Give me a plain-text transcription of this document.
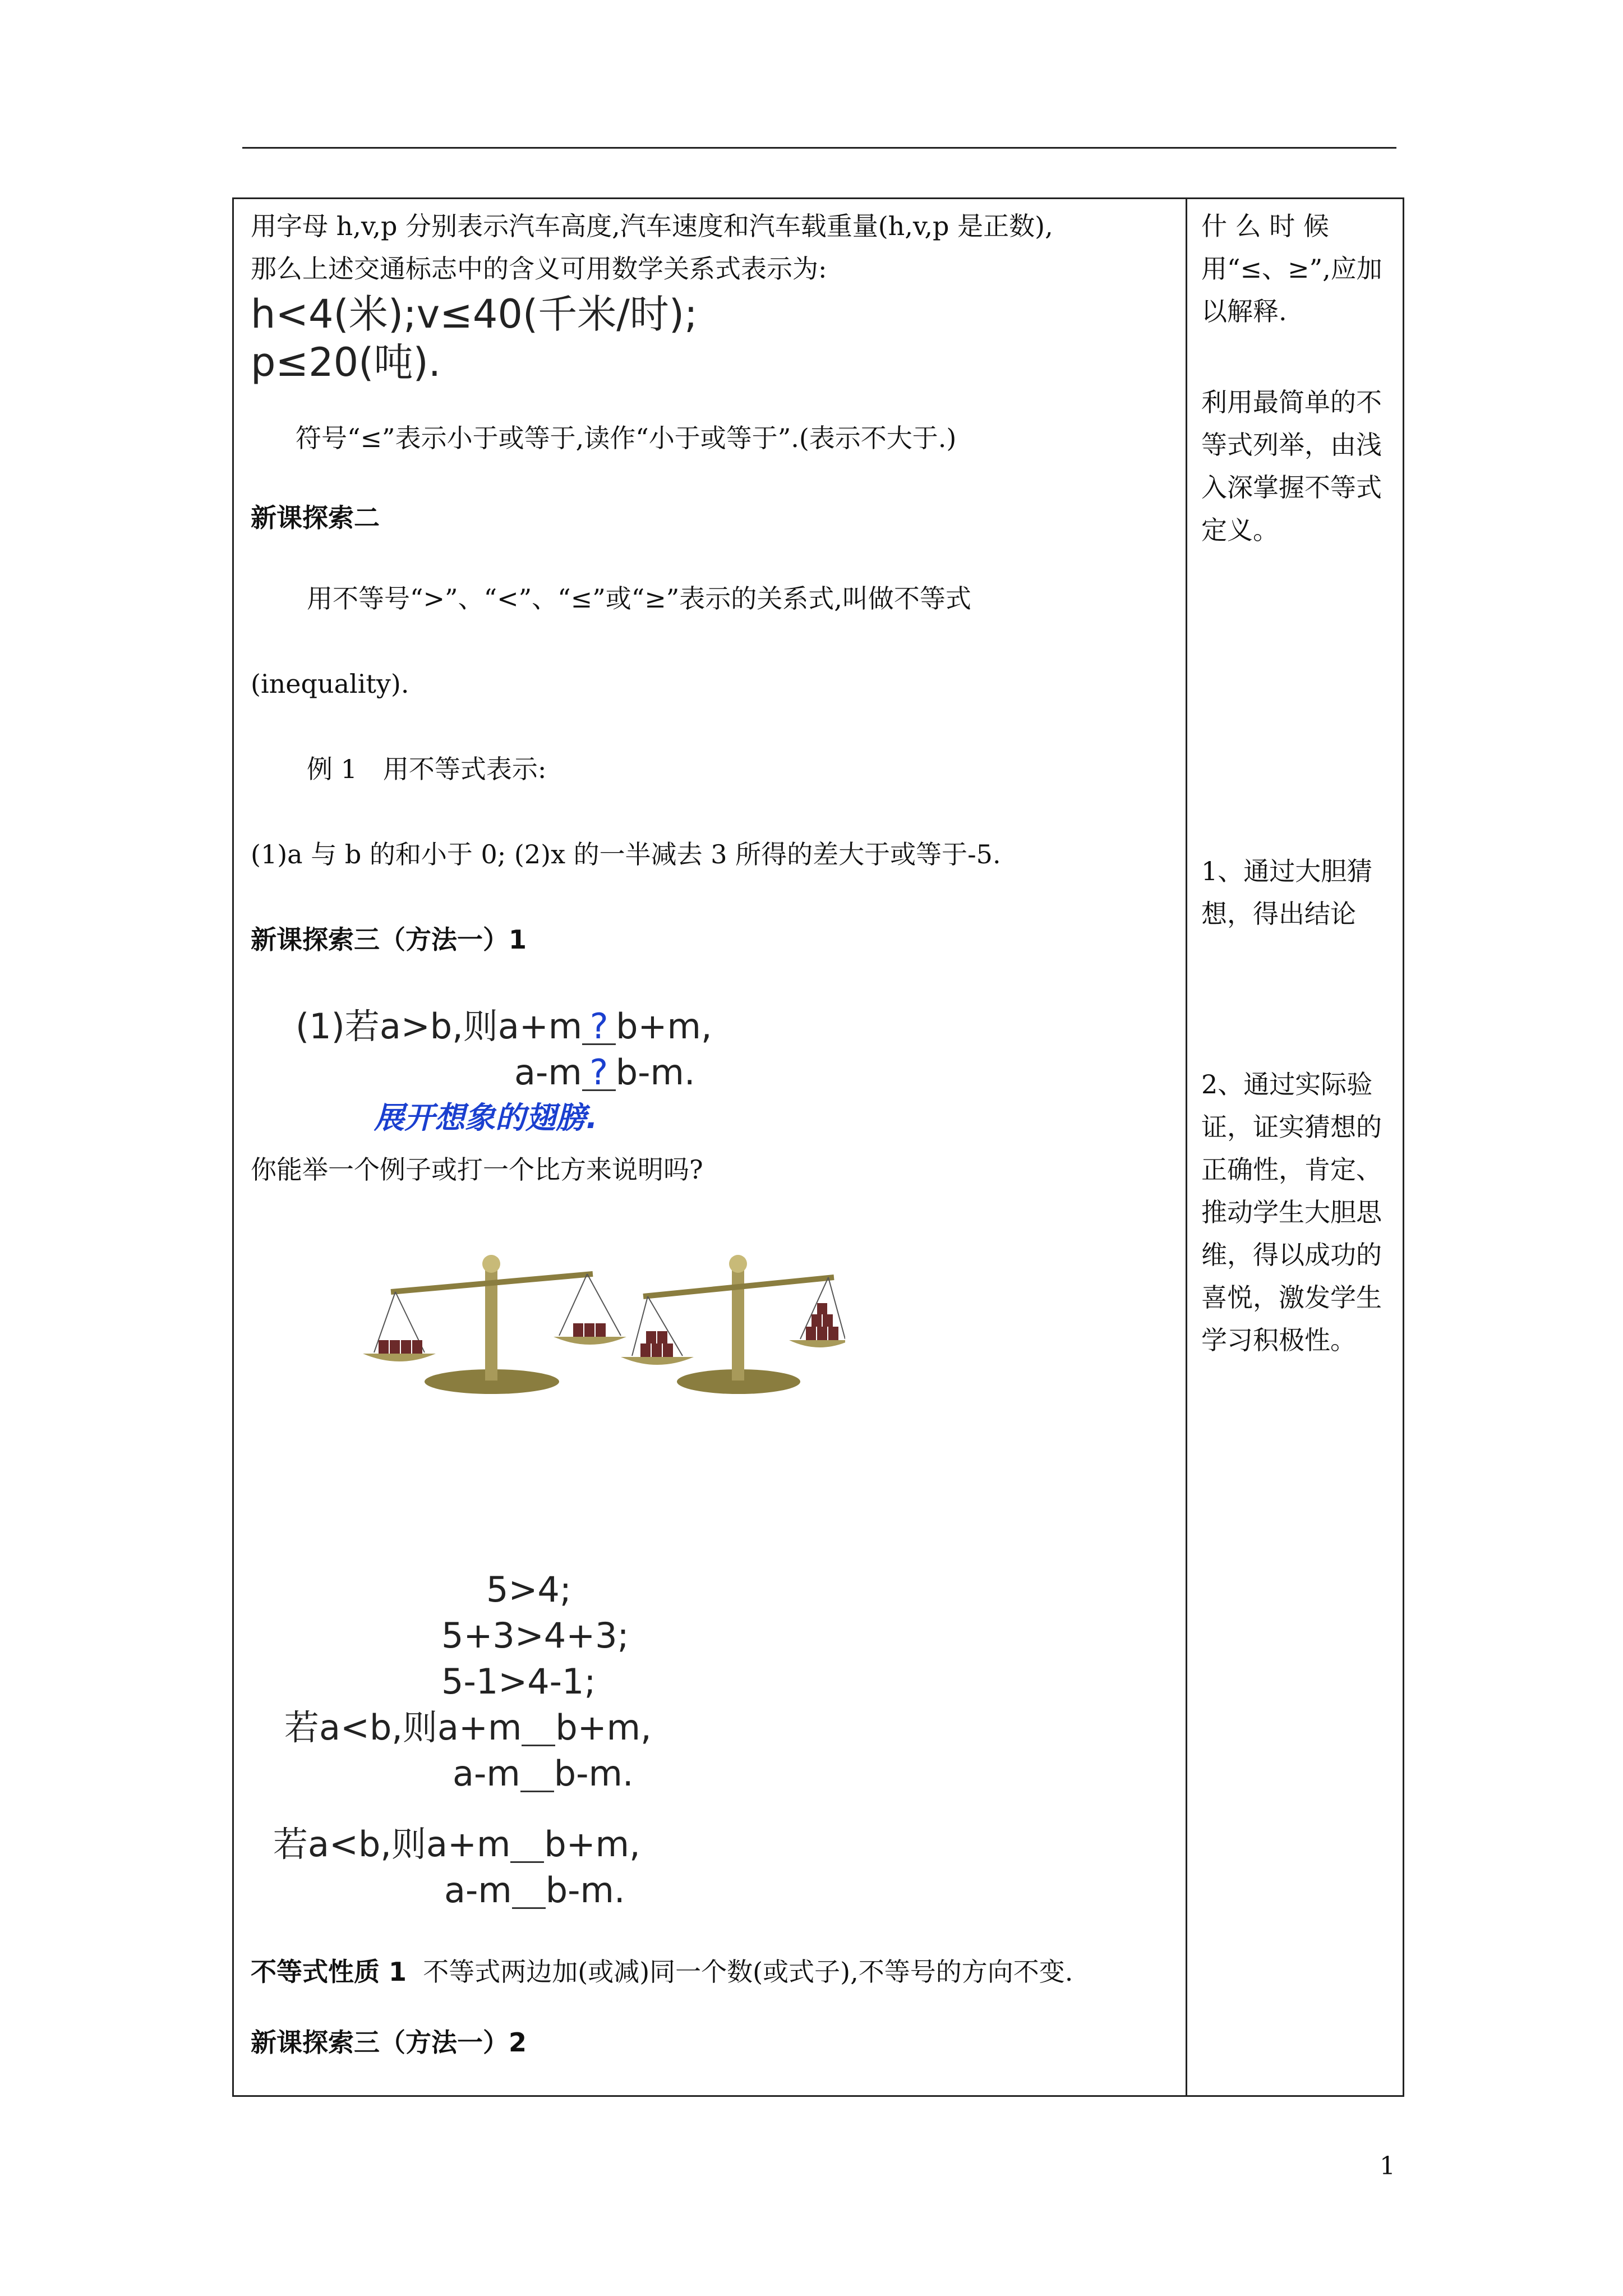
用字母 h,v,p 分别表示汽车高度,汽车速度和汽车载重量(h,v,p 是正数),
那么上述交通标志中的含义可用数学关系式表示为:
h<4(米);v≤40(千米/时);
p≤20(吨).
符号“≤”表示小于或等于,读作“小于或等于”.(表示不大于.)
新课探索二
用不等号“>”、“<”、“≤”或“≥”表示的关系式,叫做不等式
(inequality).
例 1　用不等式表示:
(1)a 与 b 的和小于 0; (2)x 的一半减去 3 所得的差大于或等于-5.
新课探索三（方法一）1
(1)若a>b,则a+m ? b+m,
a-m ? b-m.
展开想象的翅膀.
你能举一个例子或打一个比方来说明吗?
5>4;
5+3>4+3;
5-1>4-1;
若a<b,则a+m b+m,
a-m b-m.
若a<b,则a+m b+m,
a-m b-m.
不等式性质 1 不等式两边加(或减)同一个数(或式子),不等号的方向不变.
新课探索三（方法一）2
什 么 时 候 用“≤、≥”,应加以解释.
利用最简单的不等式列举，由浅入深掌握不等式定义。
1、通过大胆猜想，得出结论
2、通过实际验证，证实猜想的正确性，肯定、推动学生大胆思维，得以成功的喜悦，激发学生学习积极性。
1
